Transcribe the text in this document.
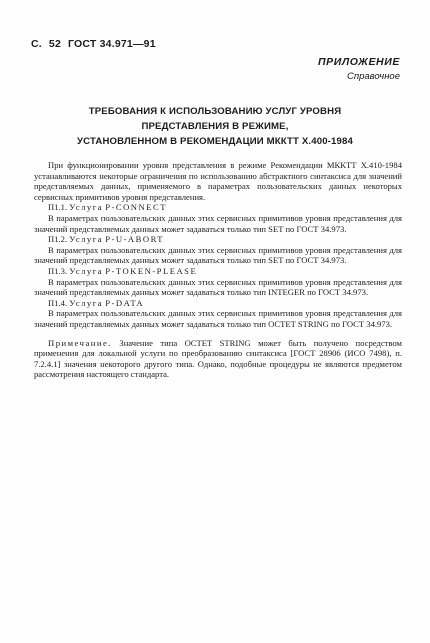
С. 52 ГОСТ 34.971—91
ПРИЛОЖЕНИЕ
Справочное
ТРЕБОВАНИЯ К ИСПОЛЬЗОВАНИЮ УСЛУГ УРОВНЯ
ПРЕДСТАВЛЕНИЯ В РЕЖИМЕ,
УСТАНОВЛЕННОМ В РЕКОМЕНДАЦИИ МККТТ Х.400-1984

При функционировании уровня представления в режиме Рекомендации МККТТ Х.410-1984 устанавливаются некоторые ограничения по использованию абстрактного синтаксиса для значений представляемых данных, применяемого в параметрах пользовательских данных некоторых сервисных примитивов уровня представления.

П1.1. Услуга P-CONNECT

В параметрах пользовательских данных этих сервисных примитивов уровня представления для значений представляемых данных может задаваться только тип SET по ГОСТ 34.973.

П1.2. Услуга P-U-ABORT

В параметрах пользовательских данных этих сервисных примитивов уровня представления для значений представляемых данных может задаваться только тип SET по ГОСТ 34.973.

П1.3. Услуга P-TOKEN-PLEASE

В параметрах пользовательских данных этих сервисных примитивов уровня представления для значений представляемых данных может задаваться только тип INTEGER по ГОСТ 34.973.

П1.4. Услуга P-DATA

В параметрах пользовательских данных этих сервисных примитивов уровня представления для значений представляемых данных может задаваться только тип OCTET STRING по ГОСТ 34.973.

Примечание. Значение типа OCTET STRING может быть получено посредством применения для локальной услуги по преобразованию синтаксиса [ГОСТ 28906 (ИСО 7498), п. 7.2.4.1] значения некоторого другого типа. Однако, подобные процедуры не являются предметом рассмотрения настоящего стандарта.
